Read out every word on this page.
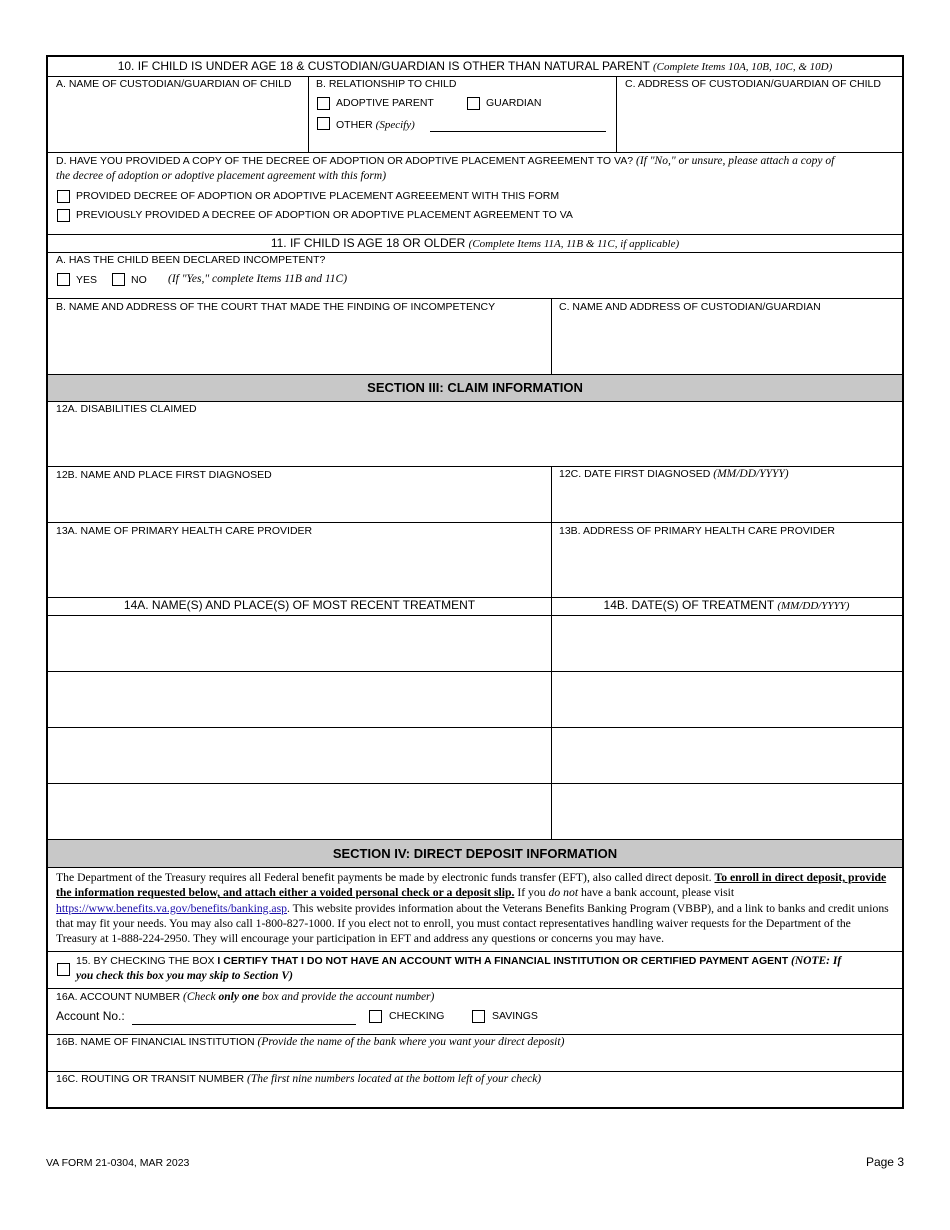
10. IF CHILD IS UNDER AGE 18 & CUSTODIAN/GUARDIAN IS OTHER THAN NATURAL PARENT (Complete Items 10A, 10B, 10C, & 10D)
A. NAME OF CUSTODIAN/GUARDIAN OF CHILD B. RELATIONSHIP TO CHILD
ADOPTIVE PARENT	GUARDIAN
OTHER (Specify)
C. ADDRESS OF CUSTODIAN/GUARDIAN OF CHILD
D. HAVE YOU PROVIDED A COPY OF THE DECREE OF ADOPTION OR ADOPTIVE PLACEMENT AGREEMENT TO VA? (If "No," or unsure, please attach a copy of
the decree of adoption or adoptive placement agreement with this form)
PROVIDED DECREE OF ADOPTION OR ADOPTIVE PLACEMENT AGREEEMENT WITH THIS FORM
PREVIOUSLY PROVIDED A DECREE OF ADOPTION OR ADOPTIVE PLACEMENT AGREEMENT TO VA
11. IF CHILD IS AGE 18 OR OLDER (Complete Items 11A, 11B & 11C, if applicable)
A. HAS THE CHILD BEEN DECLARED INCOMPETENT?
YES	NO (If "Yes," complete Items 11B and 11C)
B. NAME AND ADDRESS OF THE COURT THAT MADE THE FINDING OF INCOMPETENCY	C. NAME AND ADDRESS OF CUSTODIAN/GUARDIAN
SECTION III: CLAIM INFORMATION
12A. DISABILITIES CLAIMED
12B. NAME AND PLACE FIRST DIAGNOSED	12C. DATE FIRST DIAGNOSED (MM/DD/YYYY)
13A. NAME OF PRIMARY HEALTH CARE PROVIDER	13B. ADDRESS OF PRIMARY HEALTH CARE PROVIDER
14A. NAME(S) AND PLACE(S) OF MOST RECENT TREATMENT	14B. DATE(S) OF TREATMENT (MM/DD/YYYY)
SECTION IV: DIRECT DEPOSIT INFORMATION
The Department of the Treasury requires all Federal benefit payments be made by electronic funds transfer (EFT), also called direct deposit. To enroll in direct deposit, provide the information requested below, and attach either a voided personal check or a deposit slip. If you do not have a bank account, please visit https://www.benefits.va.gov/benefits/banking.asp. This website provides information about the Veterans Benefits Banking Program (VBBP), and a link to banks and credit unions that may fit your needs. You may also call 1-800-827-1000. If you elect not to enroll, you must contact representatives handling waiver requests for the Department of the Treasury at 1-888-224-2950. They will encourage your participation in EFT and address any questions or concerns you may have.
15. BY CHECKING THE BOX I CERTIFY THAT I DO NOT HAVE AN ACCOUNT WITH A FINANCIAL INSTITUTION OR CERTIFIED PAYMENT AGENT (NOTE: If
you check this box you may skip to Section V)
16A. ACCOUNT NUMBER (Check only one box and provide the account number)
Account No.:	CHECKING	SAVINGS
16B. NAME OF FINANCIAL INSTITUTION (Provide the name of the bank where you want your direct deposit)
16C. ROUTING OR TRANSIT NUMBER (The first nine numbers located at the bottom left of your check)
VA FORM 21-0304, MAR 2023	Page 3
